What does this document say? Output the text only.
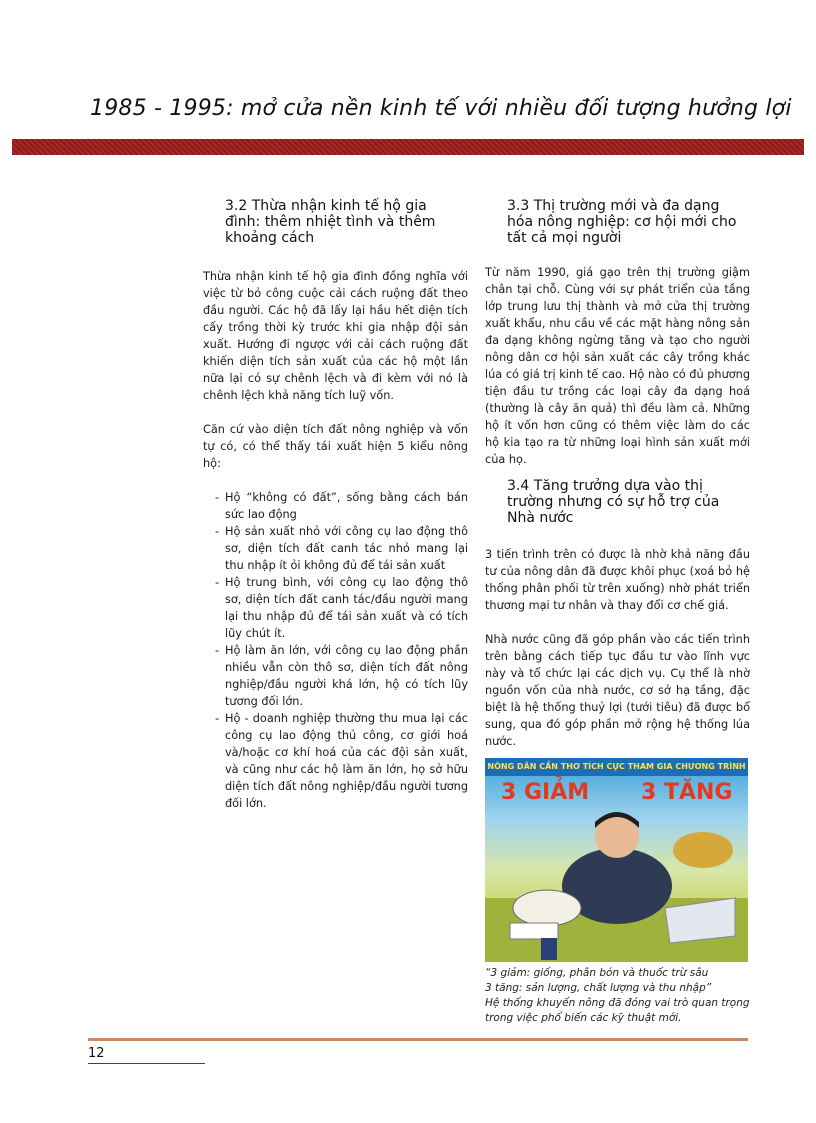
1985 - 1995: mở cửa nền kinh tế với nhiều đối tượng hưởng lợi
3.2 Thừa nhận kinh tế hộ gia đình: thêm nhiệt tình và thêm khoảng cách

Thừa nhận kinh tế hộ gia đình đồng nghĩa với việc từ bỏ công cuộc cải cách ruộng đất theo đầu người. Các hộ đã lấy lại hầu hết diện tích cấy trồng thời kỳ trước khi gia nhập đội sản xuất. Hướng đi ngược với cải cách ruộng đất khiến diện tích sản xuất của các hộ một lần nữa lại có sự chênh lệch và đi kèm với nó là chênh lệch khả năng tích luỹ vốn.

Căn cứ vào diện tích đất nông nghiệp và vốn tự có, có thể thấy tái xuất hiện 5 kiểu nông hộ:

- Hộ “không có đất”, sống bằng cách bán sức lao động
- Hộ sản xuất nhỏ với công cụ lao động thô sơ, diện tích đất canh tác nhỏ mang lại thu nhập ít ỏi không đủ để tái sản xuất
- Hộ trung bình, với công cụ lao động thô sơ, diện tích đất canh tác/đầu người mang lại thu nhập đủ để tái sản xuất và có tích lũy chút ít.
- Hộ làm ăn lớn, với công cụ lao động phần nhiều vẫn còn thô sơ, diện tích đất nông nghiệp/đầu người khá lớn, hộ có tích lũy tương đối lớn.
- Hộ - doanh nghiệp thường thu mua lại các công cụ lao động thủ công, cơ giới hoá và/hoặc cơ khí hoá của các đội sản xuất, và cũng như các hộ làm ăn lớn, họ sở hữu diện tích đất nông nghiệp/đầu người tương đối lớn.
3.3 Thị trường mới và đa dạng hóa nông nghiệp: cơ hội mới cho tất cả mọi người

Từ năm 1990, giá gạo trên thị trường giậm chân tại chỗ. Cùng với sự phát triển của tầng lớp trung lưu thị thành và mở cửa thị trường xuất khẩu, nhu cầu về các mặt hàng nông sản đa dạng không ngừng tăng và tạo cho người nông dân cơ hội sản xuất các cây trồng khác lúa có giá trị kinh tế cao. Hộ nào có đủ phương tiện đầu tư trồng các loại cây đa dạng hoá (thường là cây ăn quả) thì đều làm cả. Những hộ ít vốn hơn cũng có thêm việc làm do các hộ kia tạo ra từ những loại hình sản xuất mới của họ.

3.4 Tăng trưởng dựa vào thị trường nhưng có sự hỗ trợ của Nhà nước

3 tiến trình trên có được là nhờ khả năng đầu tư của nông dân đã được khôi phục (xoá bỏ hệ thống phân phối từ trên xuống) nhờ phát triển thương mại tư nhân và thay đổi cơ chế giá.

Nhà nước cũng đã góp phần vào các tiến trình trên bằng cách tiếp tục đầu tư vào lĩnh vực này và tổ chức lại các dịch vụ. Cụ thể là nhờ nguồn vốn của nhà nước, cơ sở hạ tầng, đặc biệt là hệ thống thuỷ lợi (tưới tiêu) đã được bổ sung, qua đó góp phần mở rộng hệ thống lúa nước.

NÔNG DÂN CẦN THƠ TÍCH CỰC THAM GIA CHƯƠNG TRÌNH
3 GIẢM 3 TĂNG
“3 giảm: giống, phân bón và thuốc trừ sâu
3 tăng: sản lượng, chất lượng và thu nhập”
Hệ thống khuyến nông đã đóng vai trò quan trọng trong việc phổ biến các kỹ thuật mới.
12
